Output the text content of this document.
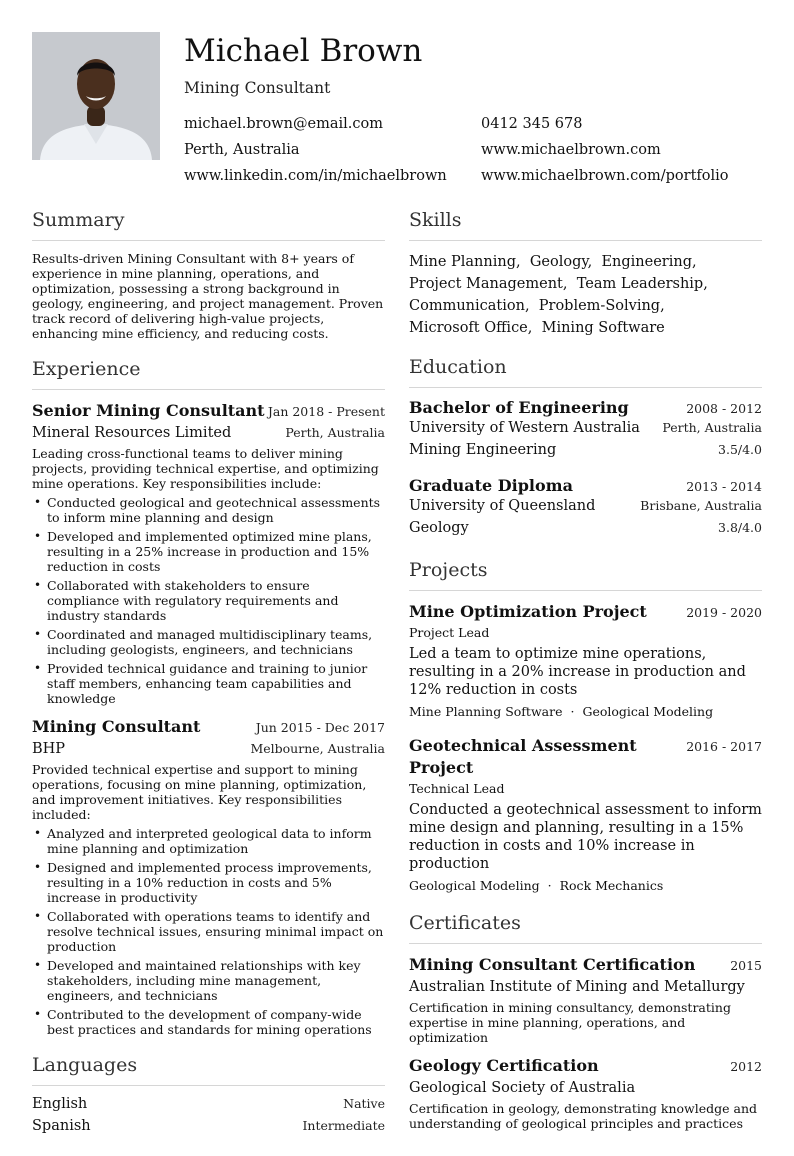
Michael Brown
Mining Consultant
michael.brown@email.com	0412 345 678
Perth, Australia	www.michaelbrown.com
www.linkedin.com/in/michaelbrown www.michaelbrown.com/portfolio
Summary
Results-driven Mining Consultant with 8+ years of experience in mine planning, operations, and optimization, possessing a strong background in geology, engineering, and project management. Proven track record of delivering high-value projects, enhancing mine efficiency, and reducing costs.
Experience
Senior Mining Consultant Jan 2018 - Present
Mineral Resources Limited	Perth, Australia
Leading cross-functional teams to deliver mining projects, providing technical expertise, and optimizing mine operations. Key responsibilities include:
• Conducted geological and geotechnical assessments to inform mine planning and design
• Developed and implemented optimized mine plans, resulting in a 25% increase in production and 15% reduction in costs
• Collaborated with stakeholders to ensure compliance with regulatory requirements and industry standards
• Coordinated and managed multidisciplinary teams, including geologists, engineers, and technicians
• Provided technical guidance and training to junior staff members, enhancing team capabilities and knowledge
Mining Consultant	Jun 2015 - Dec 2017
BHP	Melbourne, Australia
Provided technical expertise and support to mining operations, focusing on mine planning, optimization, and improvement initiatives. Key responsibilities included:
• Analyzed and interpreted geological data to inform mine planning and optimization
• Designed and implemented process improvements, resulting in a 10% reduction in costs and 5% increase in productivity
• Collaborated with operations teams to identify and resolve technical issues, ensuring minimal impact on production
• Developed and maintained relationships with key stakeholders, including mine management, engineers, and technicians
• Contributed to the development of company-wide best practices and standards for mining operations
Languages
English	Native
Spanish	Intermediate
Skills
Mine Planning,  Geology,  Engineering,
Project Management,  Team Leadership,
Communication,  Problem-Solving,
Microsoft Office,  Mining Software
Education
Bachelor of Engineering	2008 - 2012
University of Western Australia Perth, Australia
Mining Engineering	3.5/4.0
Graduate Diploma	2013 - 2014
University of Queensland	Brisbane, Australia
Geology	3.8/4.0
Projects
Mine Optimization Project	2019 - 2020
Project Lead
Led a team to optimize mine operations, resulting in a 20% increase in production and 12% reduction in costs
Mine Planning Software · Geological Modeling
Geotechnical Assessment Project
2016 - 2017
Technical Lead
Conducted a geotechnical assessment to inform mine design and planning, resulting in a 15% reduction in costs and 10% increase in production
Geological Modeling · Rock Mechanics
Certificates
Mining Consultant Certification	2015
Australian Institute of Mining and Metallurgy
Certification in mining consultancy, demonstrating expertise in mine planning, operations, and optimization
Geology Certification	2012
Geological Society of Australia
Certification in geology, demonstrating knowledge and understanding of geological principles and practices
